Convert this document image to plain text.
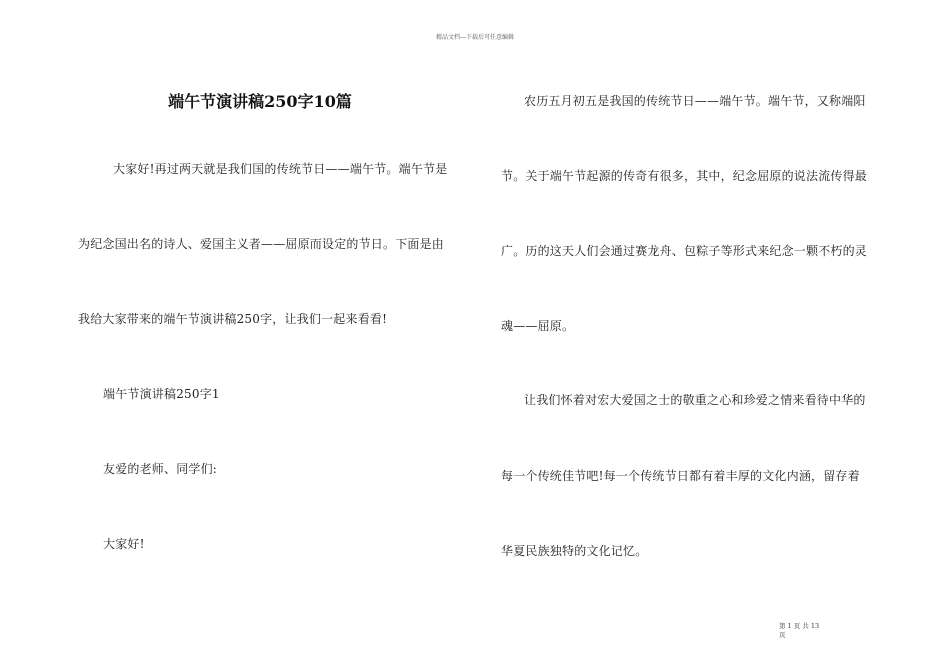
精品文档---下载后可任意编辑
端午节演讲稿250字10篇
大家好!再过两天就是我们国的传统节日——端午节。端午节是
为纪念国出名的诗人、爱国主义者——屈原而设定的节日。下面是由
我给大家带来的端午节演讲稿250字，让我们一起来看看!
端午节演讲稿250字1
友爱的老师、同学们:
大家好!
农历五月初五是我国的传统节日——端午节。端午节，又称端阳
节。关于端午节起源的传奇有很多，其中，纪念屈原的说法流传得最
广。历的这天人们会通过赛龙舟、包粽子等形式来纪念一颗不朽的灵
魂——屈原。
让我们怀着对宏大爱国之士的敬重之心和珍爱之情来看待中华的
每一个传统佳节吧!每一个传统节日都有着丰厚的文化内涵，留存着
华夏民族独特的文化记忆。
第 1 页 共 13
页
